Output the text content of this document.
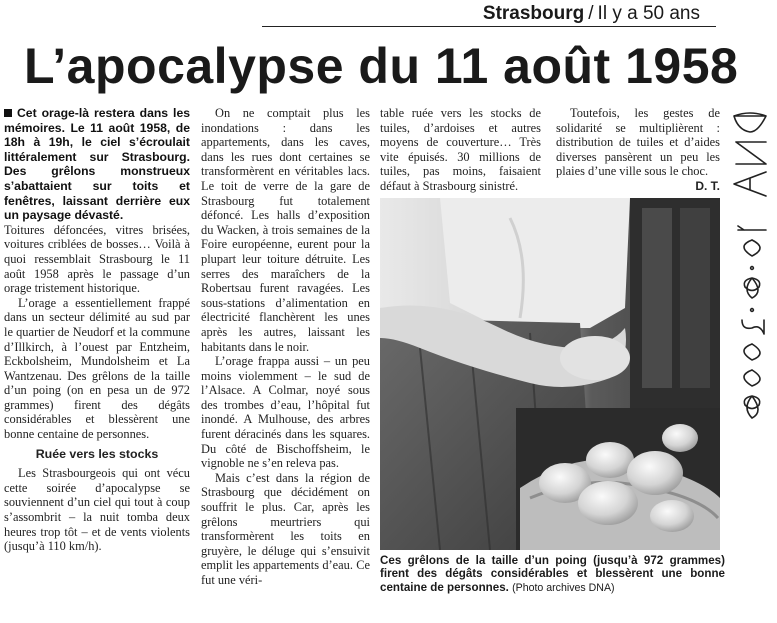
Strasbourg / Il y a 50 ans
L’apocalypse du 11 août 1958

Cet orage-là restera dans les mémoires. Le 11 août 1958, de 18h à 19h, le ciel s’écroulait littéralement sur Strasbourg. Des grêlons monstrueux s’abattaient sur toits et fenêtres, laissant derrière eux un paysage dévasté.

Toitures défoncées, vitres brisées, voitures criblées de bosses… Voilà à quoi ressemblait Strasbourg le 11 août 1958 après le passage d’un orage tristement historique.

L’orage a essentiellement frappé dans un secteur délimité au sud par le quartier de Neudorf et la commune d’Illkirch, à l’ouest par Entzheim, Eckbolsheim, Mundolsheim et La Wantzenau. Des grêlons de la taille d’un poing (on en pesa un de 972 grammes) firent des dégâts considérables et blessèrent une bonne centaine de personnes.

Ruée vers les stocks

Les Strasbourgeois qui ont vécu cette soirée d’apocalypse se souviennent d’un ciel qui tout à coup s’assombrit – la nuit tomba deux heures trop tôt – et de vents violents (jusqu’à 110 km/h).

On ne comptait plus les inondations : dans les appartements, dans les caves, dans les rues dont certaines se transformèrent en véritables lacs. Le toit de verre de la gare de Strasbourg fut totalement défoncé. Les halls d’exposition du Wacken, à trois semaines de la Foire européenne, eurent pour la plupart leur toiture détruite. Les serres des maraîchers de la Robertsau furent ravagées. Les sous-stations d’alimentation en électricité flanchèrent les unes après les autres, laissant les habitants dans le noir.

L’orage frappa aussi – un peu moins violemment – le sud de l’Alsace. A Colmar, noyé sous des trombes d’eau, l’hôpital fut inondé. A Mulhouse, des arbres furent déracinés dans les squares. Du côté de Bischoffsheim, le vignoble ne s’en releva pas.

Mais c’est dans la région de Strasbourg que décidément on souffrit le plus. Car, après les grêlons meurtriers qui transformèrent les toits en gruyère, le déluge qui s’ensuivit emplit les appartements d’eau. Ce fut une véri-

table ruée vers les stocks de tuiles, d’ardoises et autres moyens de couverture… Très vite épuisés. 30 millions de tuiles, pas moins, faisaient défaut à Strasbourg sinistré.

Toutefois, les gestes de solidarité se multiplièrent : distribution de tuiles et d’aides diverses pansèrent un peu les plaies d’une ville sous le choc.

D. T.
Ces grêlons de la taille d’un poing (jusqu’à 972 grammes) firent des dégâts considérables et blessèrent une bonne centaine de personnes. (Photo archives DNA)
